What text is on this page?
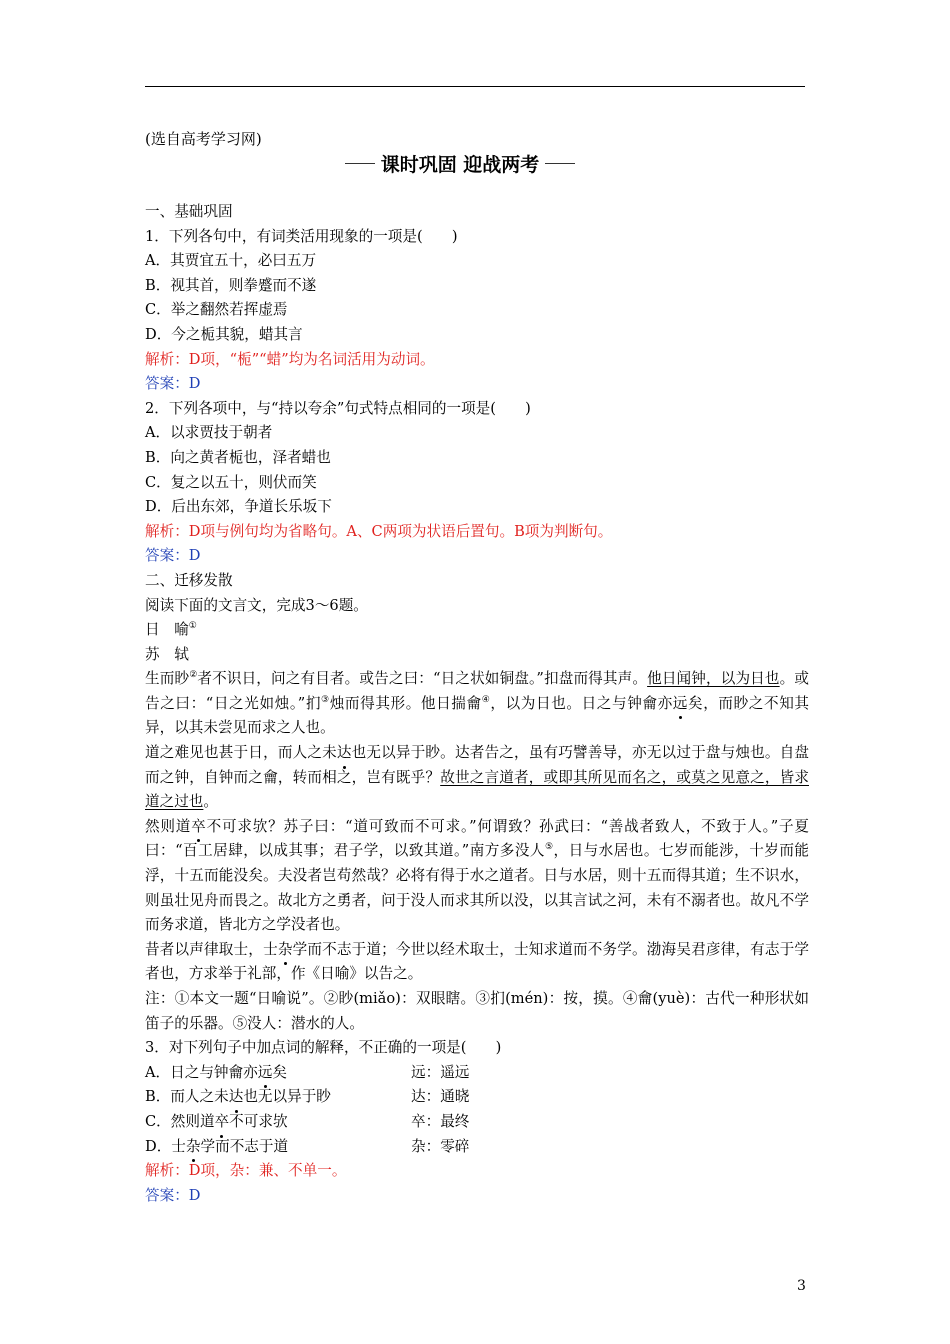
(选自高考学习网)
课时巩固 迎战两考
一、基础巩固
1．下列各句中，有词类活用现象的一项是(　　)
A．其贾宜五十，必曰五万
B．视其首，则拳蹙而不遂
C．举之翻然若挥虚焉
D．今之栀其貌，蜡其言
解析：D项，“栀”“蜡”均为名词活用为动词。
答案：D
2．下列各项中，与“持以夸余”句式特点相同的一项是(　　)
A．以求贾技于朝者
B．向之黄者栀也，泽者蜡也
C．复之以五十，则伏而笑
D．后出东郊，争道长乐坂下
解析：D项与例句均为省略句。A、C两项为状语后置句。B项为判断句。
答案：D
二、迁移发散
阅读下面的文言文，完成3～6题。
日　喻①
苏　轼
生而眇②者不识日，问之有目者。或告之曰：“日之状如铜盘。”扣盘而得其声。他日闻钟，以为日也。或告之曰：“日之光如烛。”扪③烛而得其形。他日揣龠④，以为日也。日之与钟龠亦远矣，而眇之不知其异，以其未尝见而求之人也。
道之难见也甚于日，而人之未达也无以异于眇。达者告之，虽有巧譬善导，亦无以过于盘与烛也。自盘而之钟，自钟而之龠，转而相之，岂有既乎？故世之言道者，或即其所见而名之，或莫之见意之，皆求道之过也。
然则道卒不可求欤？苏子曰：“道可致而不可求。”何谓致？孙武曰：“善战者致人，不致于人。”子夏曰：“百工居肆，以成其事；君子学，以致其道。”南方多没人⑤，日与水居也。七岁而能涉，十岁而能浮，十五而能没矣。夫没者岂苟然哉？必将有得于水之道者。日与水居，则十五而得其道；生不识水，则虽壮见舟而畏之。故北方之勇者，问于没人而求其所以没，以其言试之河，未有不溺者也。故凡不学而务求道，皆北方之学没者也。
昔者以声律取士，士杂学而不志于道；今世以经术取士，士知求道而不务学。渤海吴君彦律，有志于学者也，方求举于礼部，作《日喻》以告之。
注：①本文一题“日喻说”。②眇(miǎo)：双眼瞎。③扪(mén)：按，摸。④龠(yuè)：古代一种形状如笛子的乐器。⑤没人：潜水的人。
3．对下列句子中加点词的解释，不正确的一项是(　　)
A．日之与钟龠亦远矣	远：遥远
B．而人之未达也无以异于眇	达：通晓
C．然则道卒不可求欤	卒：最终
D．士杂学而不志于道	杂：零碎
解析：D项，杂：兼、不单一。
答案：D
3
